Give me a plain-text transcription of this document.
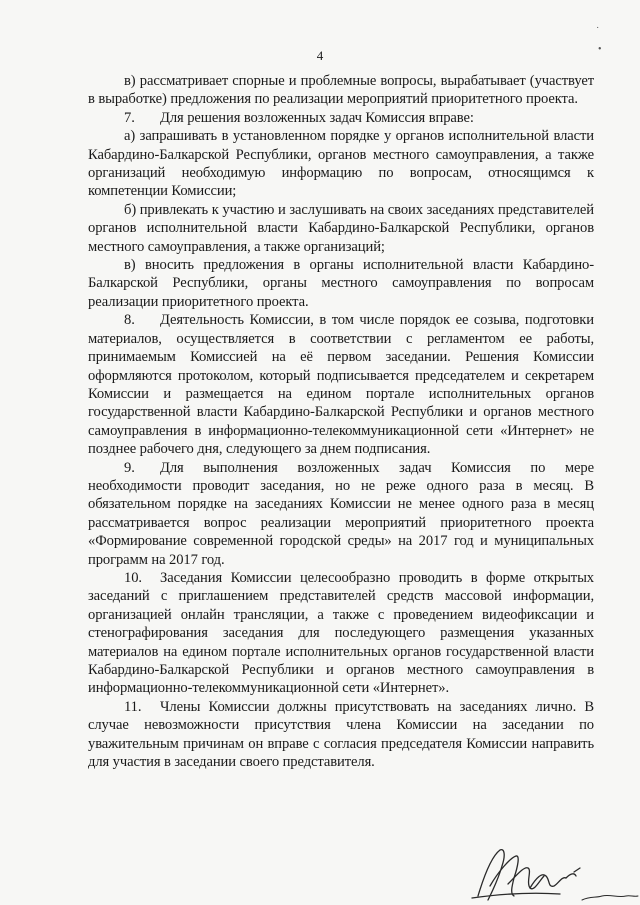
˙
•
4

в) рассматривает спорные и проблемные вопросы, вырабатывает (участвует в выработке) предложения по реализации мероприятий приоритетного проекта.

7. Для решения возложенных задач Комиссия вправе:

а) запрашивать в установленном порядке у органов исполнительной власти Кабардино-Балкарской Республики, органов местного самоуправления, а также организаций необходимую информацию по вопросам, относящимся к компетенции Комиссии;

б) привлекать к участию и заслушивать на своих заседаниях представителей органов исполнительной власти Кабардино-Балкарской Республики, органов местного самоуправления, а также организаций;

в) вносить предложения в органы исполнительной власти Кабардино-Балкарской Республики, органы местного самоуправления по вопросам реализации приоритетного проекта.

8. Деятельность Комиссии, в том числе порядок ее созыва, подготовки материалов, осуществляется в соответствии с регламентом ее работы, принимаемым Комиссией на её первом заседании. Решения Комиссии оформляются протоколом, который подписывается председателем и секретарем Комиссии и размещается на едином портале исполнительных органов государственной власти Кабардино-Балкарской Республики и органов местного самоуправления в информационно-телекоммуникационной сети «Интернет» не позднее рабочего дня, следующего за днем подписания.

9. Для выполнения возложенных задач Комиссия по мере необходимости проводит заседания, но не реже одного раза в месяц. В обязательном порядке на заседаниях Комиссии не менее одного раза в месяц рассматривается вопрос реализации мероприятий приоритетного проекта «Формирование современной городской среды» на 2017 год и муниципальных программ на 2017 год.

10. Заседания Комиссии целесообразно проводить в форме открытых заседаний с приглашением представителей средств массовой информации, организацией онлайн трансляции, а также с проведением видеофиксации и стенографирования заседания для последующего размещения указанных материалов на едином портале исполнительных органов государственной власти Кабардино-Балкарской Республики и органов местного самоуправления в информационно-телекоммуникационной сети «Интернет».

11. Члены Комиссии должны присутствовать на заседаниях лично. В случае невозможности присутствия члена Комиссии на заседании по уважительным причинам он вправе с согласия председателя Комиссии направить для участия в заседании своего представителя.
